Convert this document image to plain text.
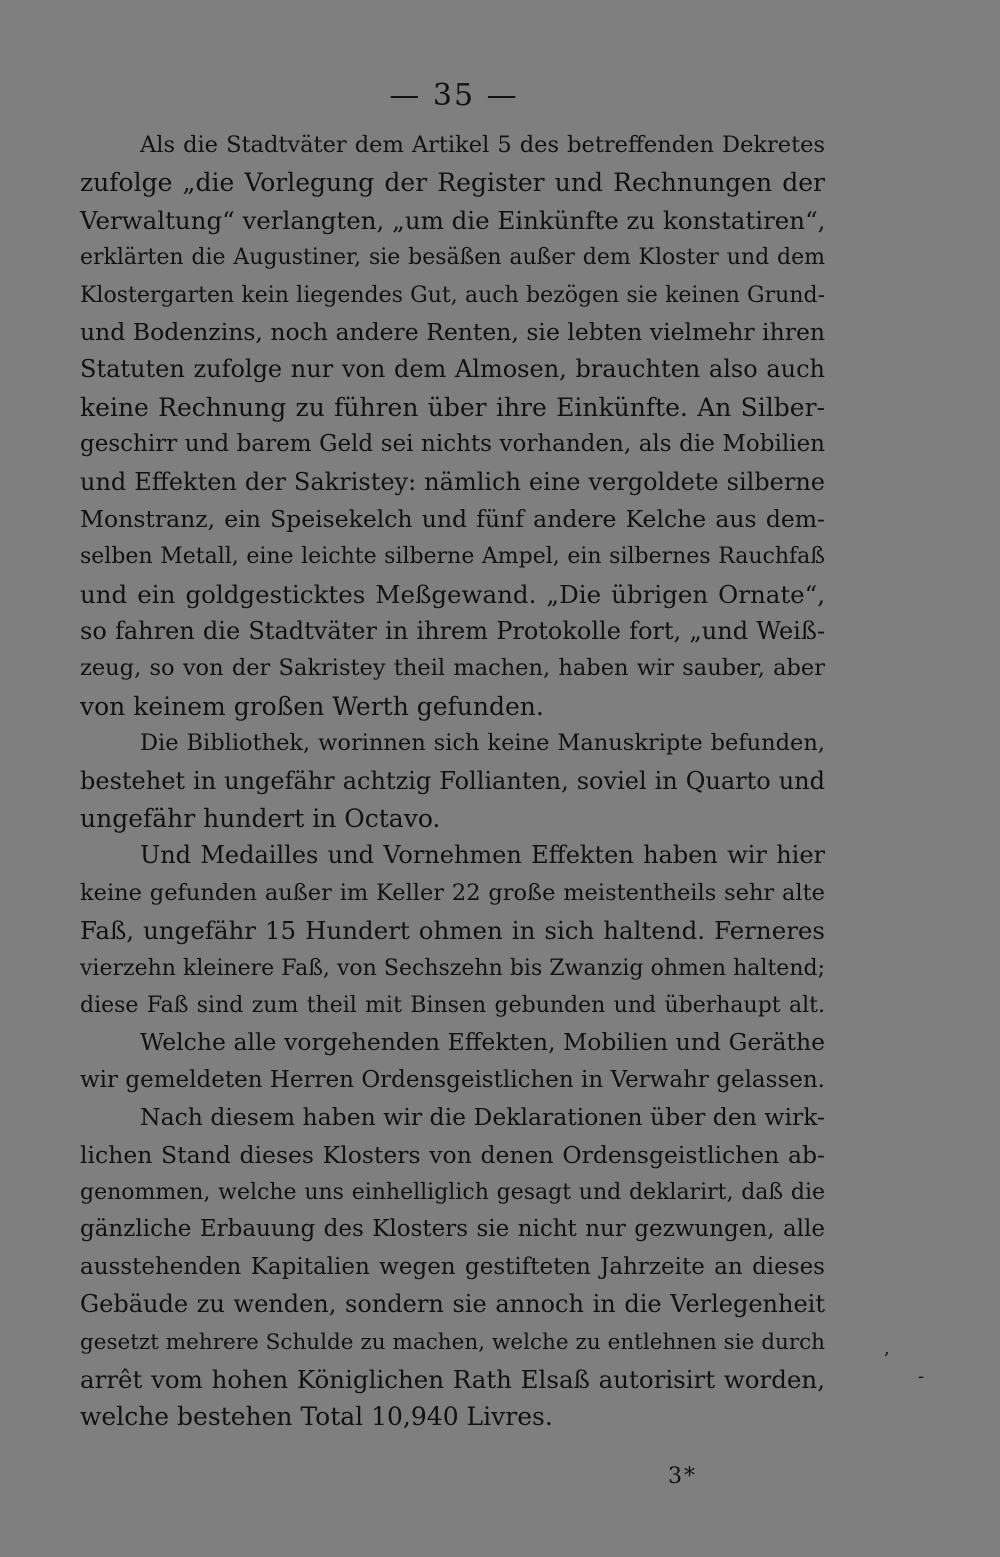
— 35 —
Als die Stadtväter dem Artikel 5 des betreffenden Dekretes
zufolge „die Vorlegung der Register und Rechnungen der
Verwaltung“ verlangten, „um die Einkünfte zu konstatiren“,
erklärten die Augustiner, sie besäßen außer dem Kloster und dem
Klostergarten kein liegendes Gut, auch bezögen sie keinen Grund-
und Bodenzins, noch andere Renten, sie lebten vielmehr ihren
Statuten zufolge nur von dem Almosen, brauchten also auch
keine Rechnung zu führen über ihre Einkünfte. An Silber-
geschirr und barem Geld sei nichts vorhanden, als die Mobilien
und Effekten der Sakristey: nämlich eine vergoldete silberne
Monstranz, ein Speisekelch und fünf andere Kelche aus dem-
selben Metall, eine leichte silberne Ampel, ein silbernes Rauchfaß
und ein goldgesticktes Meßgewand. „Die übrigen Ornate“,
so fahren die Stadtväter in ihrem Protokolle fort, „und Weiß-
zeug, so von der Sakristey theil machen, haben wir sauber, aber
von keinem großen Werth gefunden.
Die Bibliothek, worinnen sich keine Manuskripte befunden,
bestehet in ungefähr achtzig Follianten, soviel in Quarto und
ungefähr hundert in Octavo.
Und Medailles und Vornehmen Effekten haben wir hier
keine gefunden außer im Keller 22 große meistentheils sehr alte
Faß, ungefähr 15 Hundert ohmen in sich haltend. Ferneres
vierzehn kleinere Faß, von Sechszehn bis Zwanzig ohmen haltend;
diese Faß sind zum theil mit Binsen gebunden und überhaupt alt.
Welche alle vorgehenden Effekten, Mobilien und Geräthe
wir gemeldeten Herren Ordensgeistlichen in Verwahr gelassen.
Nach diesem haben wir die Deklarationen über den wirk-
lichen Stand dieses Klosters von denen Ordensgeistlichen ab-
genommen, welche uns einhelliglich gesagt und deklarirt, daß die
gänzliche Erbauung des Klosters sie nicht nur gezwungen, alle
ausstehenden Kapitalien wegen gestifteten Jahrzeite an dieses
Gebäude zu wenden, sondern sie annoch in die Verlegenheit
gesetzt mehrere Schulde zu machen, welche zu entlehnen sie durch
arrêt vom hohen Königlichen Rath Elsaß autorisirt worden,
welche bestehen Total 10,940 Livres.
3*
,
-
